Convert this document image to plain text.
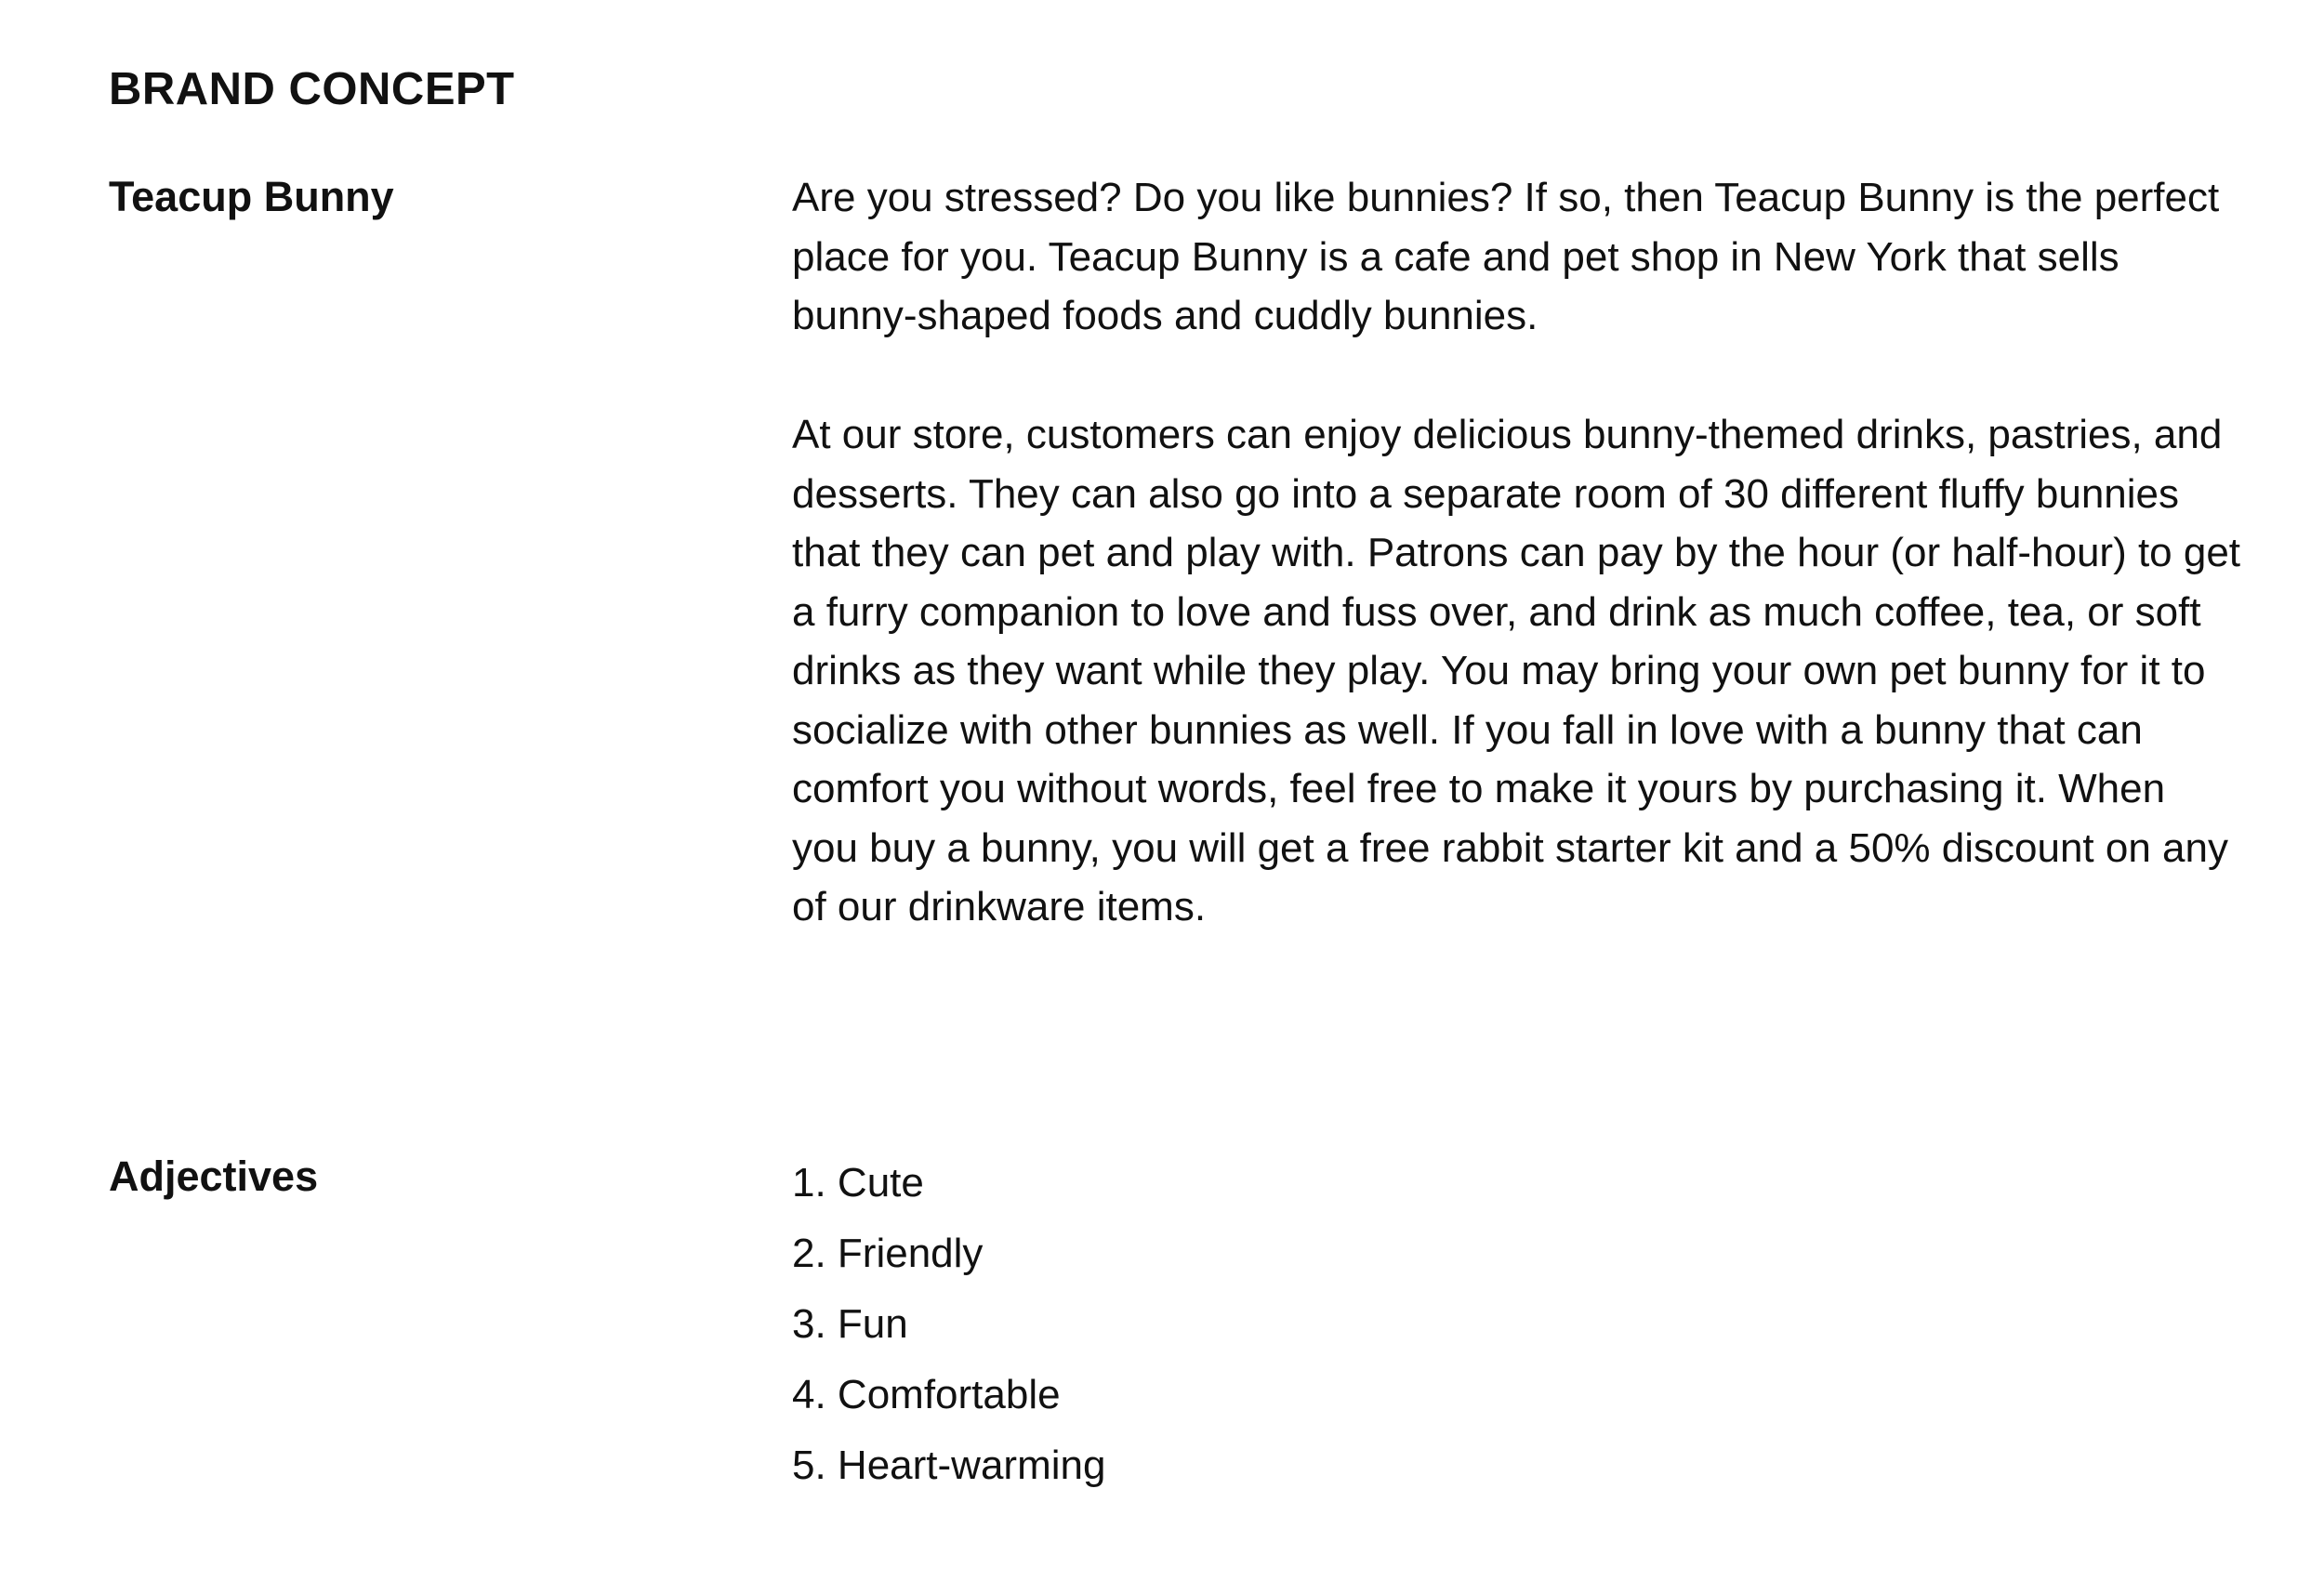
BRAND CONCEPT
Teacup Bunny	Are you stressed? Do you like bunnies? If so, then Teacup Bunny is the perfect place for you. Teacup Bunny is a cafe and pet shop in New York that sells bunny-shaped foods and cuddly bunnies.

At our store, customers can enjoy delicious bunny-themed drinks, pastries, and desserts. They can also go into a separate room of 30 different fluffy bunnies that they can pet and play with. Patrons can pay by the hour (or half-hour) to get a furry companion to love and fuss over, and drink as much coffee, tea, or soft drinks as they want while they play. You may bring your own pet bunny for it to socialize with other bunnies as well. If you fall in love with a bunny that can comfort you without words, feel free to make it yours by purchasing it. When you buy a bunny, you will get a free rabbit starter kit and a 50% discount on any of our drinkware items.

Adjectives	1. Cute
2. Friendly
3. Fun
4. Comfortable
5. Heart-warming
